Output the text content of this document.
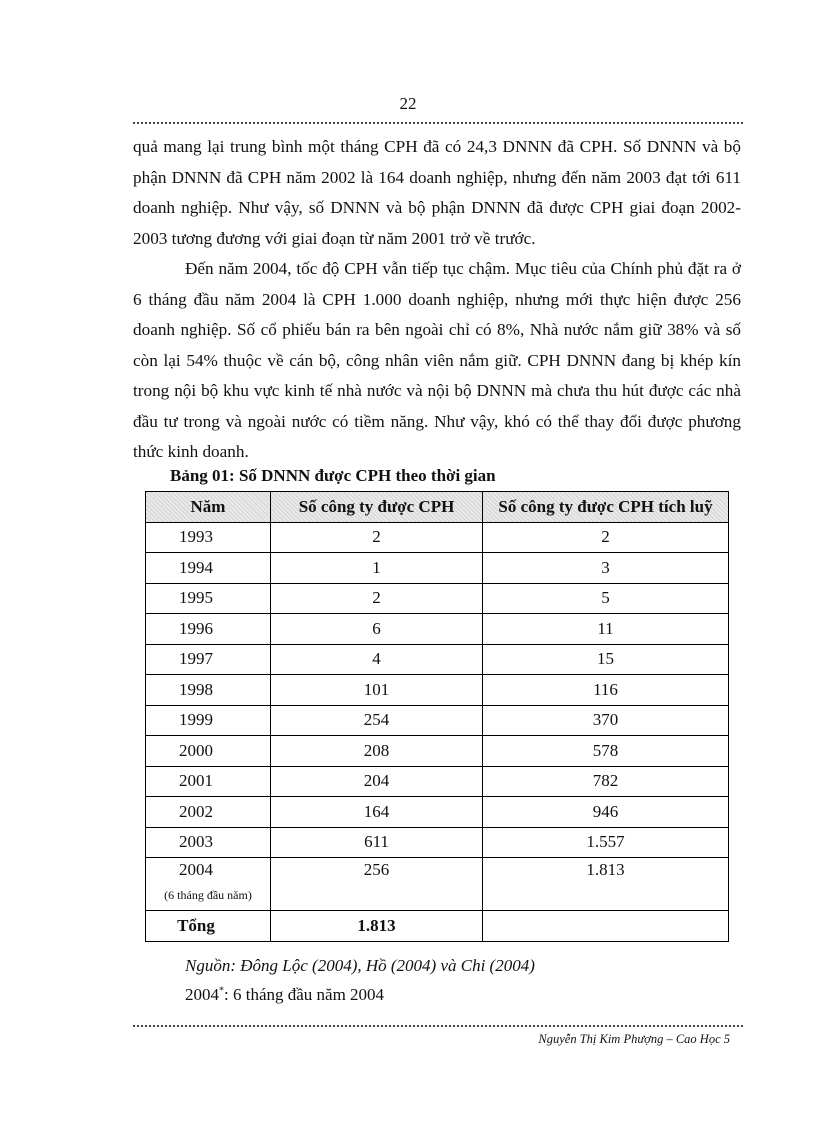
22

quả mang lại trung bình một tháng CPH đã có 24,3 DNNN đã CPH. Số DNNN và bộ phận DNNN đã CPH năm 2002 là 164 doanh nghiệp, nhưng đến năm 2003 đạt tới 611 doanh nghiệp. Như vậy, số DNNN và bộ phận DNNN đã được CPH giai đoạn 2002-2003 tương đương với giai đoạn từ năm 2001 trở về trước.

Đến năm 2004, tốc độ CPH vẫn tiếp tục chậm. Mục tiêu của Chính phủ đặt ra ở 6 tháng đầu năm 2004 là CPH 1.000 doanh nghiệp, nhưng mới thực hiện được 256 doanh nghiệp. Số cổ phiếu bán ra bên ngoài chỉ có 8%, Nhà nước nắm giữ 38% và số còn lại 54% thuộc về cán bộ, công nhân viên nắm giữ. CPH DNNN đang bị khép kín trong nội bộ khu vực kinh tế nhà nước và nội bộ DNNN mà chưa thu hút được các nhà đầu tư trong và ngoài nước có tiềm năng. Như vậy, khó có thể thay đổi được phương thức kinh doanh.

Bảng 01: Số DNNN được CPH theo thời gian
Năm	Số công ty được CPH	Số công ty được CPH tích luỹ
1993	2	2
1994	1	3
1995	2	5
1996	6	11
1997	4	15
1998	101	116
1999	254	370
2000	208	578
2001	204	782
2002	164	946
2003	611	1.557

2004
(6 tháng đầu năm)	256	1.813
Tổng	1.813	
Nguồn: Đông Lộc (2004), Hồ (2004) và Chi (2004)
2004*: 6 tháng đầu năm 2004
Nguyễn Thị Kim Phượng – Cao Học 5
